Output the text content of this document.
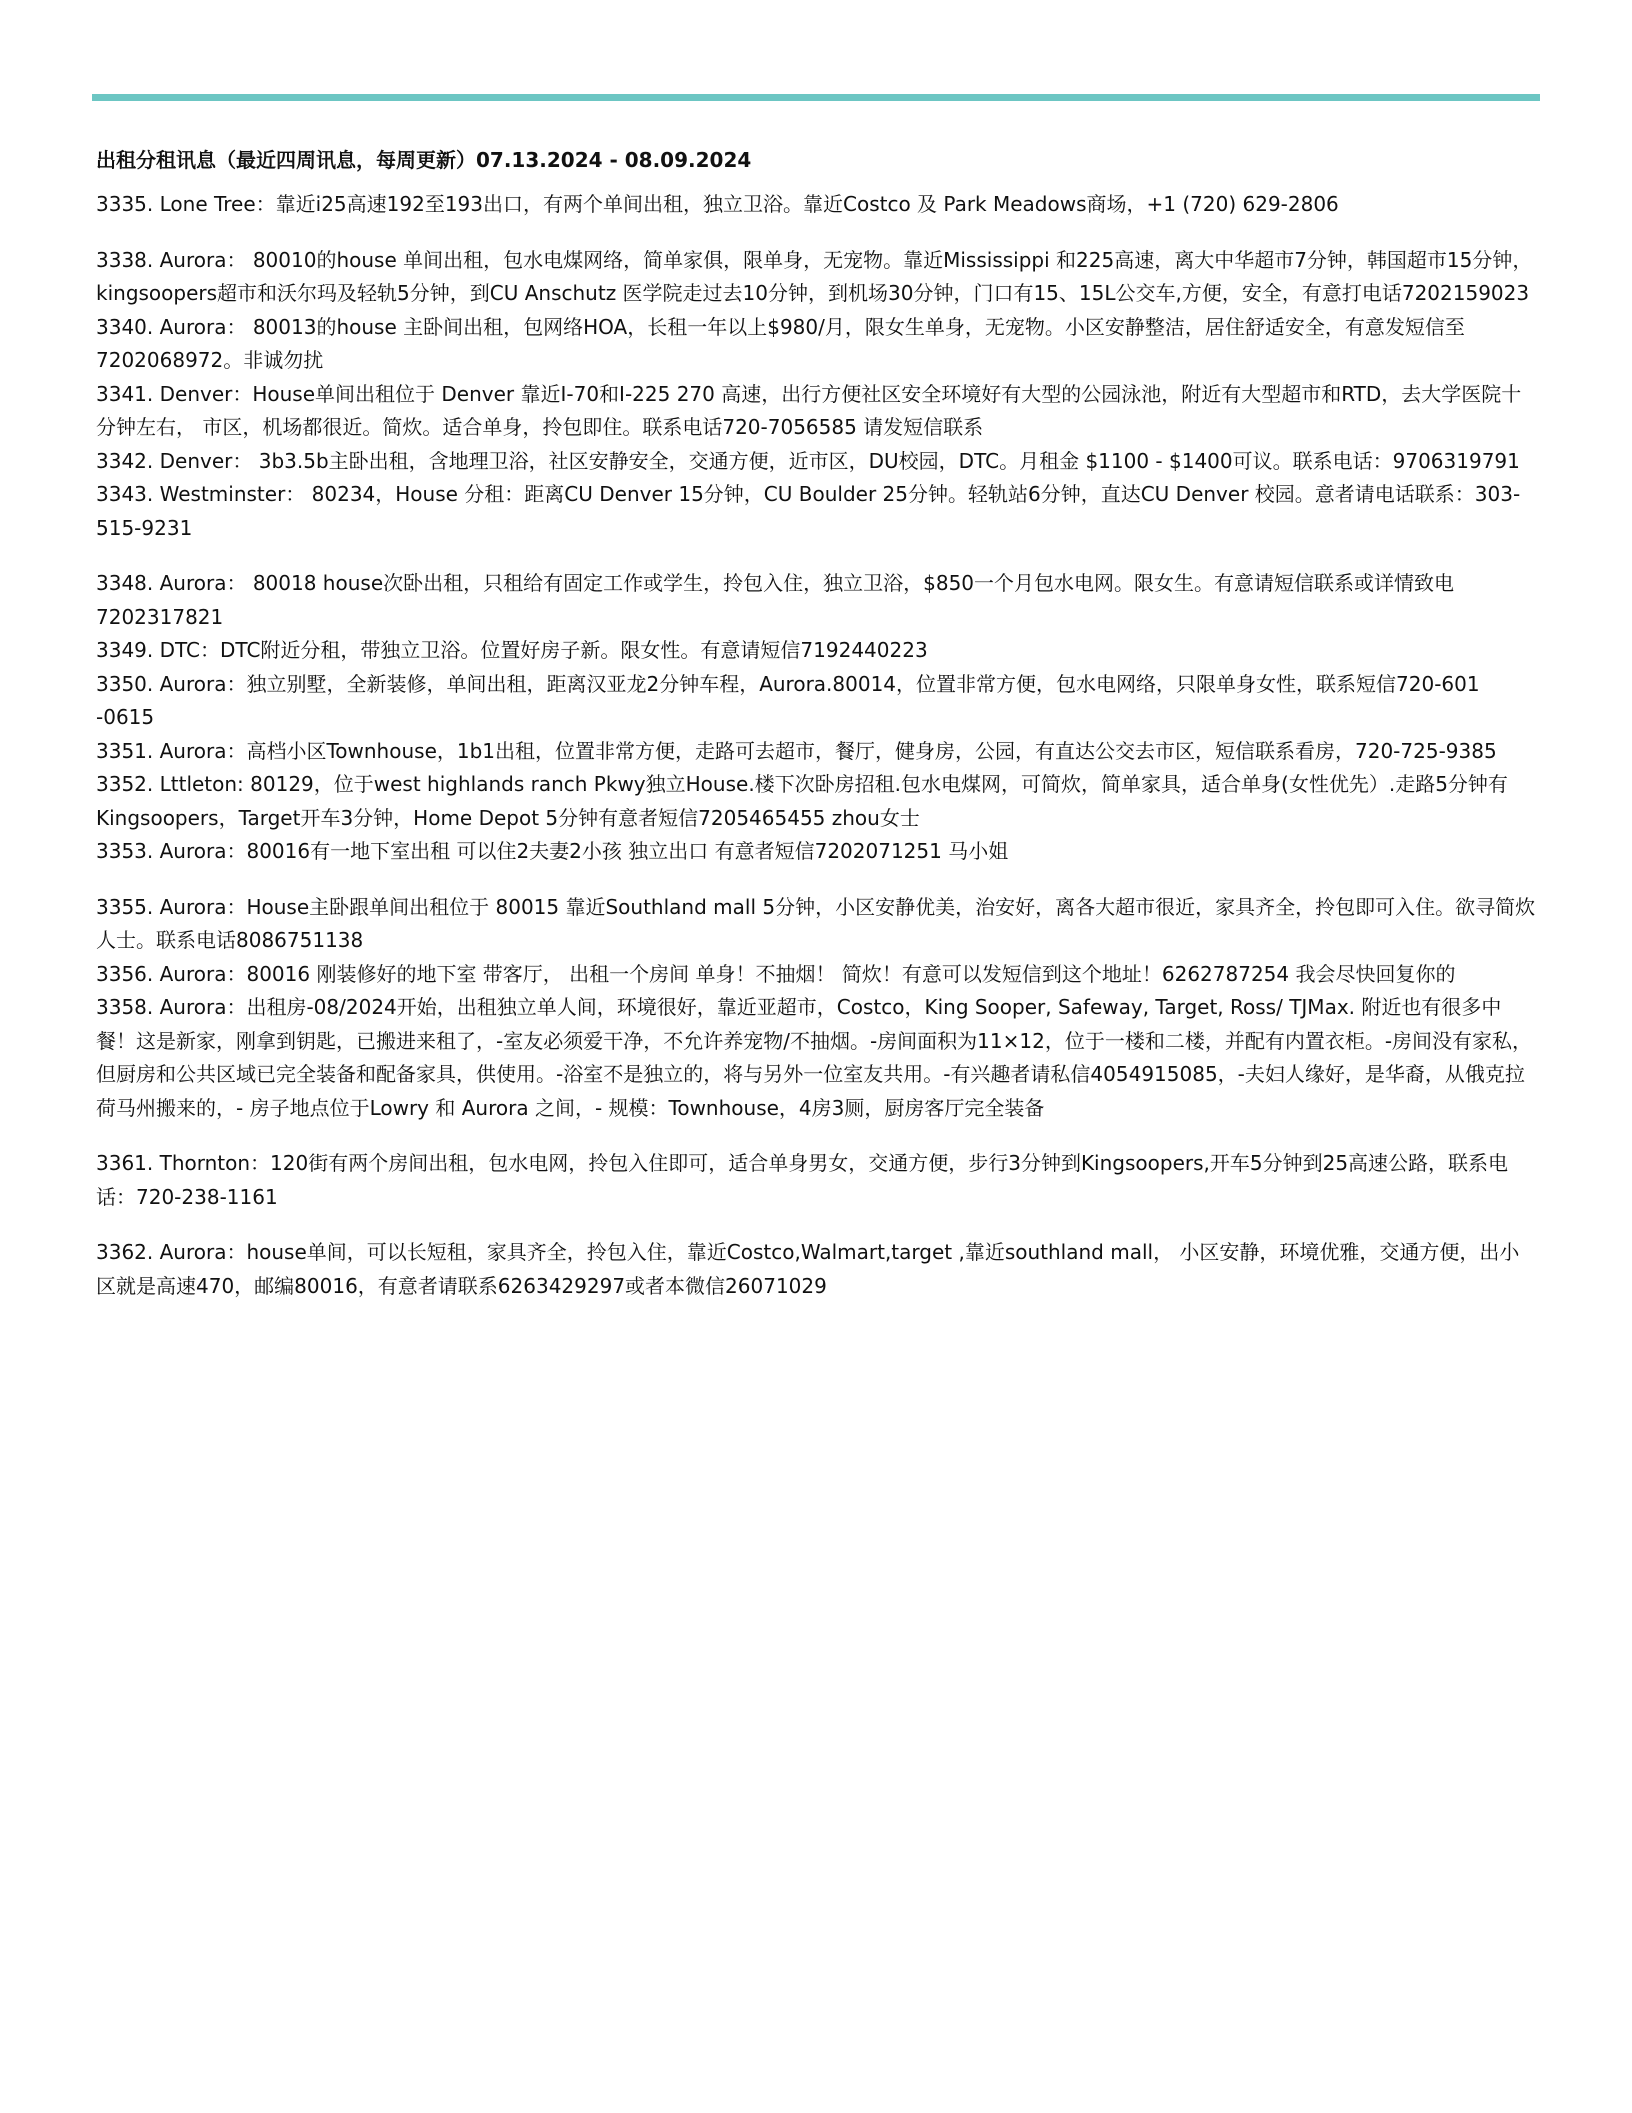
出租分租讯息（最近四周讯息，每周更新）07.13.2024 - 08.09.2024

3335. Lone Tree：靠近i25高速192至193出口，有两个单间出租，独立卫浴。靠近Costco 及 Park Meadows商场，+1 (720) 629-2806

3338. Aurora： 80010的house 单间出租，包水电煤网络，简单家俱，限单身，无宠物。靠近Mississippi 和225高速，离大中华超市7分钟，韩国超市15分钟，kingsoopers超市和沃尔玛及轻轨5分钟，到CU Anschutz 医学院走过去10分钟，到机场30分钟，门口有15、15L公交车,方便，安全，有意打电话7202159023

3340. Aurora： 80013的house 主卧间出租，包网络HOA，长租一年以上$980/月，限女生单身，无宠物。小区安静整洁，居住舒适安全，有意发短信至7202068972。非诚勿扰

3341. Denver：House单间出租位于 Denver 靠近I-70和I-225 270 高速，出行方便社区安全环境好有大型的公园泳池，附近有大型超市和RTD，去大学医院十分钟左右， 市区，机场都很近。简炊。适合单身，拎包即住。联系电话720-7056585 请发短信联系

3342. Denver： 3b3.5b主卧出租，含地理卫浴，社区安静安全，交通方便，近市区，DU校园，DTC。月租金 $1100 - $1400可议。联系电话：9706319791

3343. Westminster： 80234，House 分租：距离CU Denver 15分钟，CU Boulder 25分钟。轻轨站6分钟，直达CU Denver 校园。意者请电话联系：303-515-9231

3348. Aurora： 80018 house次卧出租，只租给有固定工作或学生，拎包入住，独立卫浴，$850一个月包水电网。限女生。有意请短信联系或详情致电7202317821

3349. DTC：DTC附近分租，带独立卫浴。位置好房子新。限女性。有意请短信7192440223

3350. Aurora：独立别墅，全新装修，单间出租，距离汉亚龙2分钟车程，Aurora.80014，位置非常方便，包水电网络，只限单身女性，联系短信720-601 -0615

3351. Aurora：高档小区Townhouse，1b1出租，位置非常方便，走路可去超市，餐厅，健身房，公园，有直达公交去市区，短信联系看房，720-725-9385

3352. Lttleton: 80129，位于west highlands ranch Pkwy独立House.楼下次卧房招租.包水电煤网，可简炊，简单家具，适合单身(女性优先）.走路5分钟有Kingsoopers，Target开车3分钟，Home Depot 5分钟有意者短信7205465455 zhou女士

3353. Aurora：80016有一地下室出租 可以住2夫妻2小孩 独立出口 有意者短信7202071251 马小姐

3355. Aurora：House主卧跟单间出租位于 80015 靠近Southland mall 5分钟，小区安静优美，治安好，离各大超市很近，家具齐全，拎包即可入住。欲寻简炊人士。联系电话8086751138

3356. Aurora：80016 刚装修好的地下室 带客厅， 出租一个房间 单身！不抽烟！ 简炊！有意可以发短信到这个地址！6262787254 我会尽快回复你的

3358. Aurora：出租房-08/2024开始，出租独立单人间，环境很好，靠近亚超市，Costco，King Sooper, Safeway, Target, Ross/ TJMax. 附近也有很多中餐！这是新家，刚拿到钥匙，已搬进来租了，-室友必须爱干净，不允许养宠物/不抽烟。-房间面积为11×12，位于一楼和二楼，并配有内置衣柜。-房间没有家私，但厨房和公共区域已完全装备和配备家具，供使用。-浴室不是独立的，将与另外一位室友共用。-有兴趣者请私信4054915085，-夫妇人缘好，是华裔，从俄克拉荷马州搬来的，- 房子地点位于Lowry 和 Aurora 之间，- 规模：Townhouse，4房3厕，厨房客厅完全装备

3361. Thornton：120街有两个房间出租，包水电网，拎包入住即可，适合单身男女，交通方便，步行3分钟到Kingsoopers,开车5分钟到25高速公路，联系电话：720-238-1161

3362. Aurora：house单间，可以长短租，家具齐全，拎包入住，靠近Costco,Walmart,target ,靠近southland mall， 小区安静，环境优雅，交通方便，出小区就是高速470，邮编80016，有意者请联系6263429297或者本微信26071029
